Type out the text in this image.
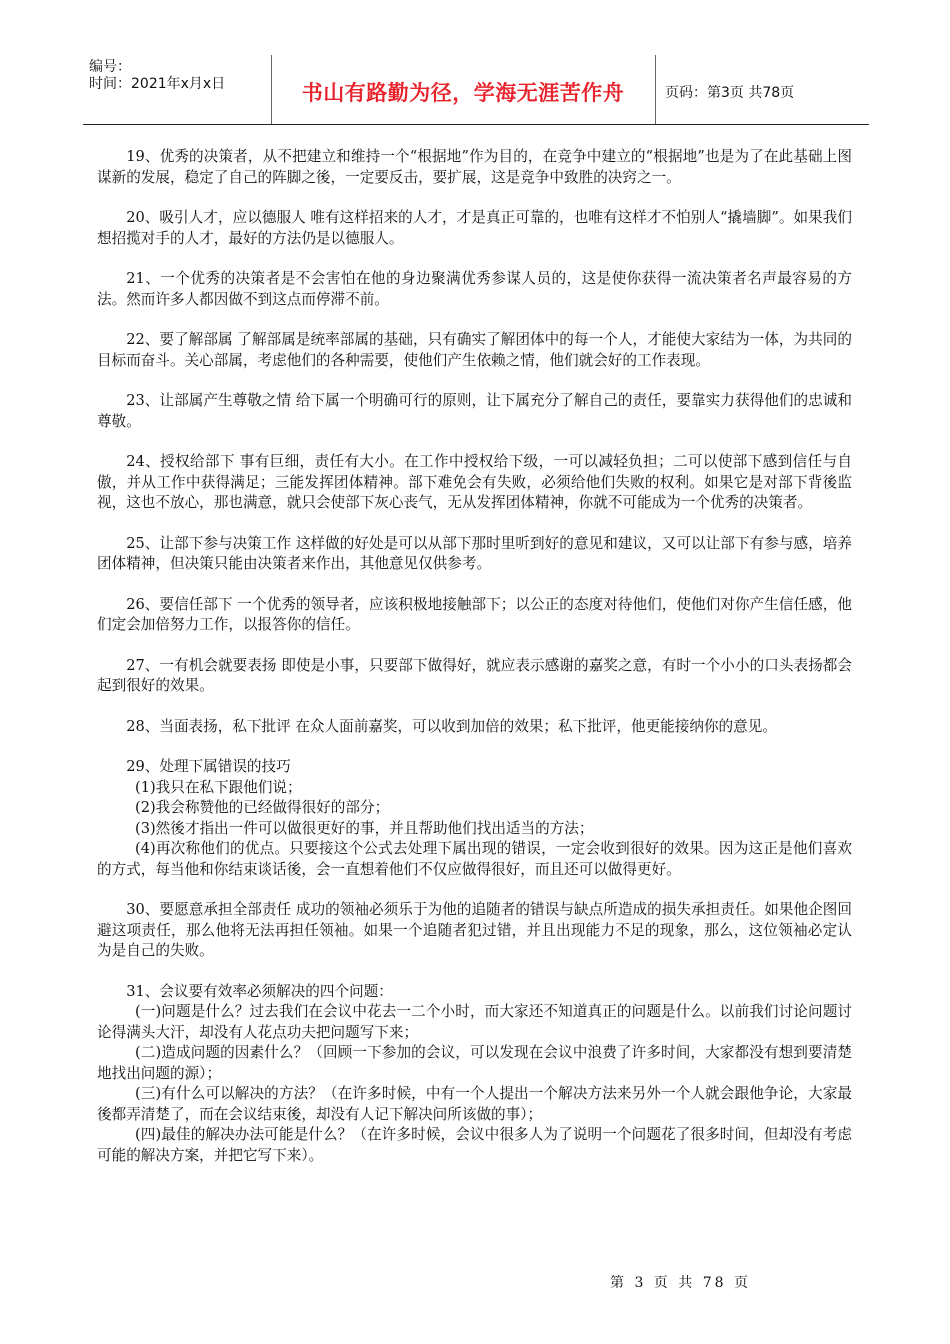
编号：
时间：2021年x月x日	书山有路勤为径，学海无涯苦作舟	页码：第3页 共78页

19、优秀的决策者，从不把建立和维持一个“根据地”作为目的，在竞争中建立的“根据地”也是为了在此基础上图谋新的发展，稳定了自己的阵脚之後，一定要反击，要扩展，这是竞争中致胜的决窍之一。

20、吸引人才，应以德服人 唯有这样招来的人才，才是真正可靠的，也唯有这样才不怕别人“撬墙脚”。如果我们想招揽对手的人才，最好的方法仍是以德服人。

21、一个优秀的决策者是不会害怕在他的身边聚满优秀参谋人员的，这是使你获得一流决策者名声最容易的方法。然而许多人都因做不到这点而停滞不前。

22、要了解部属 了解部属是统率部属的基础，只有确实了解团体中的每一个人，才能使大家结为一体，为共同的目标而奋斗。关心部属，考虑他们的各种需要，使他们产生依赖之情，他们就会好的工作表现。

23、让部属产生尊敬之情 给下属一个明确可行的原则，让下属充分了解自己的责任，要靠实力获得他们的忠诚和尊敬。

24、授权给部下 事有巨细，责任有大小。在工作中授权给下级，一可以减轻负担；二可以使部下感到信任与自傲，并从工作中获得满足；三能发挥团体精神。部下难免会有失败，必须给他们失败的权利。如果它是对部下背後监视，这也不放心，那也满意，就只会使部下灰心丧气，无从发挥团体精神，你就不可能成为一个优秀的决策者。

25、让部下参与决策工作 这样做的好处是可以从部下那时里听到好的意见和建议，又可以让部下有参与感，培养团体精神，但决策只能由决策者来作出，其他意见仅供参考。

26、要信任部下 一个优秀的领导者，应该积极地接触部下；以公正的态度对待他们，使他们对你产生信任感，他们定会加倍努力工作，以报答你的信任。

27、一有机会就要表扬 即使是小事，只要部下做得好，就应表示感谢的嘉奖之意，有时一个小小的口头表扬都会起到很好的效果。

28、当面表扬，私下批评 在众人面前嘉奖，可以收到加倍的效果；私下批评，他更能接纳你的意见。

29、处理下属错误的技巧

(1)我只在私下跟他们说；

(2)我会称赞他的已经做得很好的部分；

(3)然後才指出一件可以做很更好的事，并且帮助他们找出适当的方法；

(4)再次称他们的优点。只要接这个公式去处理下属出现的错误，一定会收到很好的效果。因为这正是他们喜欢的方式，每当他和你结束谈话後，会一直想着他们不仅应做得很好，而且还可以做得更好。

30、要愿意承担全部责任 成功的领袖必须乐于为他的追随者的错误与缺点所造成的损失承担责任。如果他企图回避这项责任，那么他将无法再担任领袖。如果一个追随者犯过错，并且出现能力不足的现象，那么，这位领袖必定认为是自己的失败。

31、会议要有效率必须解决的四个问题：

(一)问题是什么？过去我们在会议中花去一二个小时，而大家还不知道真正的问题是什么。以前我们讨论问题讨论得满头大汗，却没有人花点功夫把问题写下来；

(二)造成问题的因素什么？（回顾一下参加的会议，可以发现在会议中浪费了许多时间，大家都没有想到要清楚地找出问题的源）；

(三)有什么可以解决的方法？（在许多时候，中有一个人提出一个解决方法来另外一个人就会跟他争论，大家最後都弄清楚了，而在会议结束後，却没有人记下解决问所该做的事）；

(四)最佳的解决办法可能是什么？（在许多时候，会议中很多人为了说明一个问题花了很多时间，但却没有考虑可能的解决方案，并把它写下来）。

第 3 页 共 78 页
